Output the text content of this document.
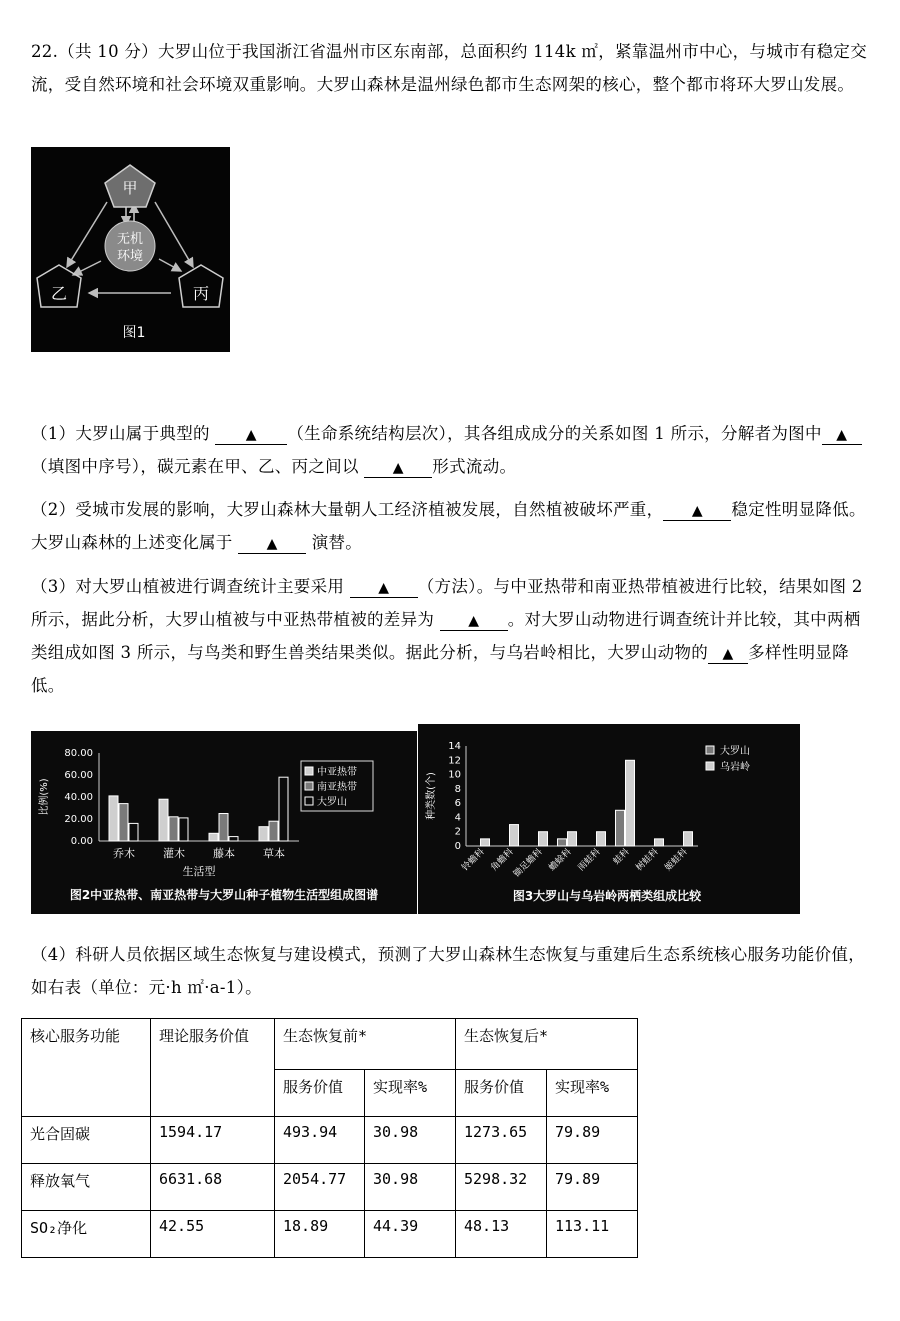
22.（共 10 分）大罗山位于我国浙江省温州市区东南部，总面积约 114k ㎡，紧靠温州市中心，与城市有稳定交流，受自然环境和社会环境双重影响。大罗山森林是温州绿色都市生态网架的核心，整个都市将环大罗山发展。
甲
无机
环境
乙	丙
图1
（1）大罗山属于典型的 ▲ （生命系统结构层次），其各组成成分的关系如图 1 所示，分解者为图中 ▲（填图中序号），碳元素在甲、乙、丙之间以 ▲ 形式流动。
（2）受城市发展的影响，大罗山森林大量朝人工经济植被发展，自然植被破坏严重， ▲ 稳定性明显降低。大罗山森林的上述变化属于 ▲ 演替。
（3）对大罗山植被进行调查统计主要采用 ▲ （方法）。与中亚热带和南亚热带植被进行比较，结果如图 2 所示，据此分析，大罗山植被与中亚热带植被的差异为 ▲ 。对大罗山动物进行调查统计并比较，其中两栖类组成如图 3 所示，与鸟类和野生兽类结果类似。据此分析，与乌岩岭相比，大罗山动物的 ▲ 多样性明显降低。
80.00
60.00
40.00
20.00
0.00
比例(%)
乔木	灌木	藤本	草本
生活型
中亚热带
南亚热带
大罗山
图2中亚热带、南亚热带与大罗山种子植物生活型组成图谱
14
12
10
8
6
4
2
0
种类数(个)
铃蟾科 角蟾科
锄足蟾科 蟾蜍科 雨蛙科 蛙科 树蛙科 姬蛙科
大罗山
乌岩岭
图3大罗山与乌岩岭两栖类组成比较
（4）科研人员依据区域生态恢复与建设模式，预测了大罗山森林生态恢复与重建后生态系统核心服务功能价值，如右表（单位：元·h ㎡·a-1）。
核心服务功能	理论服务价值	生态恢复前*		生态恢复后*	
		服务价值	实现率%	服务价值	实现率%
光合固碳	1594.17	493.94	30.98	1273.65	79.89
释放氧气	6631.68	2054.77	30.98	5298.32	79.89
SO₂净化	42.55	18.89	44.39	48.13	113.11
